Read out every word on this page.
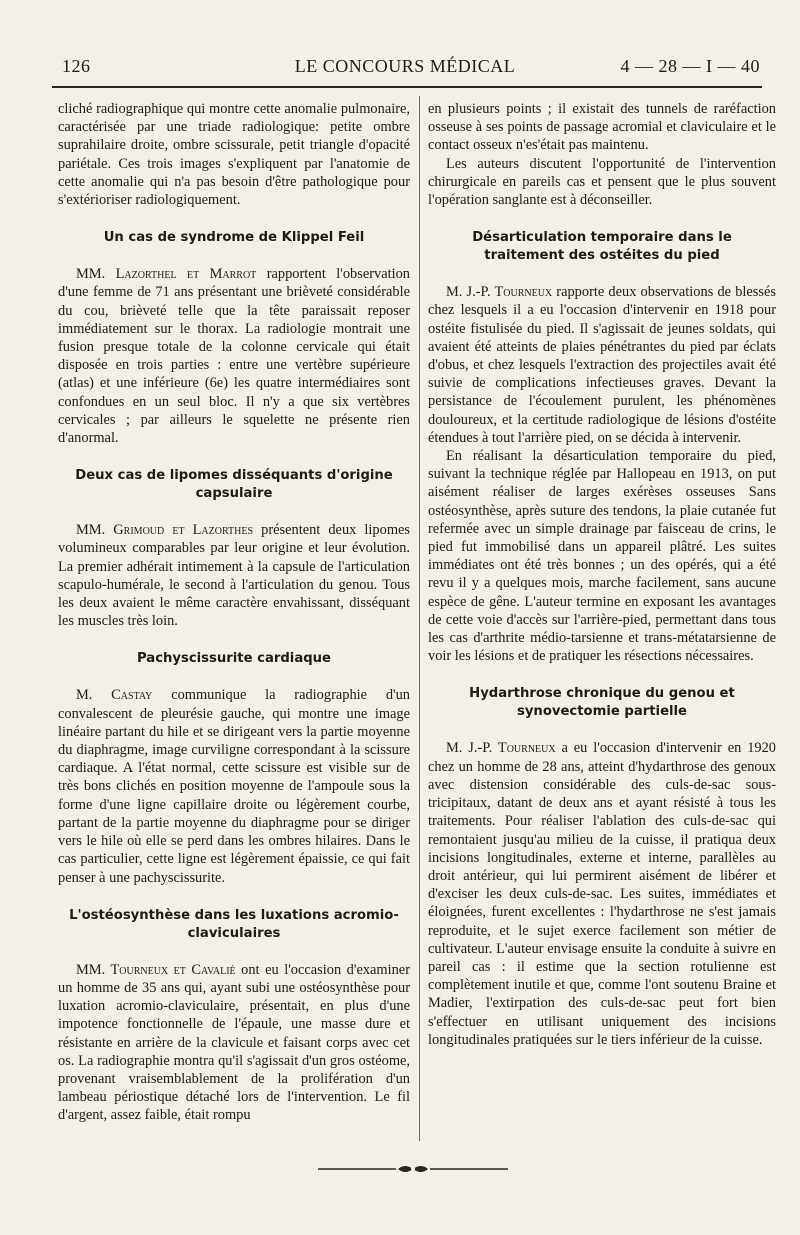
126	LE CONCOURS MÉDICAL	4 — 28 — I — 40

cliché radiographique qui montre cette anomalie pulmonaire, caractérisée par une triade radiologique: petite ombre suprahilaire droite, ombre scissurale, petit triangle d'opacité pariétale. Ces trois images s'expliquent par l'anatomie de cette anomalie qui n'a pas besoin d'être pathologique pour s'extérioriser radiologiquement.

Un cas de syndrome de Klippel Feil

MM. Lazorthel et Marrot rapportent l'observation d'une femme de 71 ans présentant une brièveté considérable du cou, brièveté telle que la tête paraissait reposer immédiatement sur le thorax. La radiologie montrait une fusion presque totale de la colonne cervicale qui était disposée en trois parties : entre une vertèbre supérieure (atlas) et une inférieure (6e) les quatre intermédiaires sont confondues en un seul bloc. Il n'y a que six vertèbres cervicales ; par ailleurs le squelette ne présente rien d'anormal.

Deux cas de lipomes disséquants d'origine capsulaire

MM. Grimoud et Lazorthes présentent deux lipomes volumineux comparables par leur origine et leur évolution. La premier adhérait intimement à la capsule de l'articulation scapulo-humérale, le second à l'articulation du genou. Tous les deux avaient le même caractère envahissant, disséquant les muscles très loin.

Pachyscissurite cardiaque

M. Castay communique la radiographie d'un convalescent de pleurésie gauche, qui montre une image linéaire partant du hile et se dirigeant vers la partie moyenne du diaphragme, image curviligne correspondant à la scissure cardiaque. A l'état normal, cette scissure est visible sur de très bons clichés en position moyenne de l'ampoule sous la forme d'une ligne capillaire droite ou légèrement courbe, partant de la partie moyenne du diaphragme pour se diriger vers le hile où elle se perd dans les ombres hilaires. Dans le cas particulier, cette ligne est légèrement épaissie, ce qui fait penser à une pachyscissurite.

L'ostéosynthèse dans les luxations acromio-claviculaires

MM. Tourneux et Cavalié ont eu l'occasion d'examiner un homme de 35 ans qui, ayant subi une ostéosynthèse pour luxation acromio-claviculaire, présentait, en plus d'une impotence fonctionnelle de l'épaule, une masse dure et résistante en arrière de la clavicule et faisant corps avec cet os. La radiographie montra qu'il s'agissait d'un gros ostéome, provenant vraisemblablement de la prolifération d'un lambeau périostique détaché lors de l'intervention. Le fil d'argent, assez faible, était rompu

en plusieurs points ; il existait des tunnels de raréfaction osseuse à ses points de passage acromial et claviculaire et le contact osseux n'es'était pas maintenu.

Les auteurs discutent l'opportunité de l'intervention chirurgicale en pareils cas et pensent que le plus souvent l'opération sanglante est à déconseiller.

Désarticulation temporaire dans le traitement des ostéites du pied

M. J.-P. Tourneux rapporte deux observations de blessés chez lesquels il a eu l'occasion d'intervenir en 1918 pour ostéite fistulisée du pied. Il s'agissait de jeunes soldats, qui avaient été atteints de plaies pénétrantes du pied par éclats d'obus, et chez lesquels l'extraction des projectiles avait été suivie de complications infectieuses graves. Devant la persistance de l'écoulement purulent, les phénomènes douloureux, et la certitude radiologique de lésions d'ostéite étendues à tout l'arrière pied, on se décida à intervenir.

En réalisant la désarticulation temporaire du pied, suivant la technique réglée par Hallopeau en 1913, on put aisément réaliser de larges exérèses osseuses Sans ostéosynthèse, après suture des tendons, la plaie cutanée fut refermée avec un simple drainage par faisceau de crins, le pied fut immobilisé dans un appareil plâtré. Les suites immédiates ont été très bonnes ; un des opérés, qui a été revu il y a quelques mois, marche facilement, sans aucune espèce de gêne. L'auteur termine en exposant les avantages de cette voie d'accès sur l'arrière-pied, permettant dans tous les cas d'arthrite médio-tarsienne et trans-métatarsienne de voir les lésions et de pratiquer les résections nécessaires.

Hydarthrose chronique du genou et synovectomie partielle

M. J.-P. Tourneux a eu l'occasion d'intervenir en 1920 chez un homme de 28 ans, atteint d'hydarthrose des genoux avec distension considérable des culs-de-sac sous-tricipitaux, datant de deux ans et ayant résisté à tous les traitements. Pour réaliser l'ablation des culs-de-sac qui remontaient jusqu'au milieu de la cuisse, il pratiqua deux incisions longitudinales, externe et interne, parallèles au droit antérieur, qui lui permirent aisément de libérer et d'exciser les deux culs-de-sac. Les suites, immédiates et éloignées, furent excellentes : l'hydarthrose ne s'est jamais reproduite, et le sujet exerce facilement son métier de cultivateur. L'auteur envisage ensuite la conduite à suivre en pareil cas : il estime que la section rotulienne est complètement inutile et que, comme l'ont soutenu Braine et Madier, l'extirpation des culs-de-sac peut fort bien s'effectuer en utilisant uniquement des incisions longitudinales pratiquées sur le tiers inférieur de la cuisse.
